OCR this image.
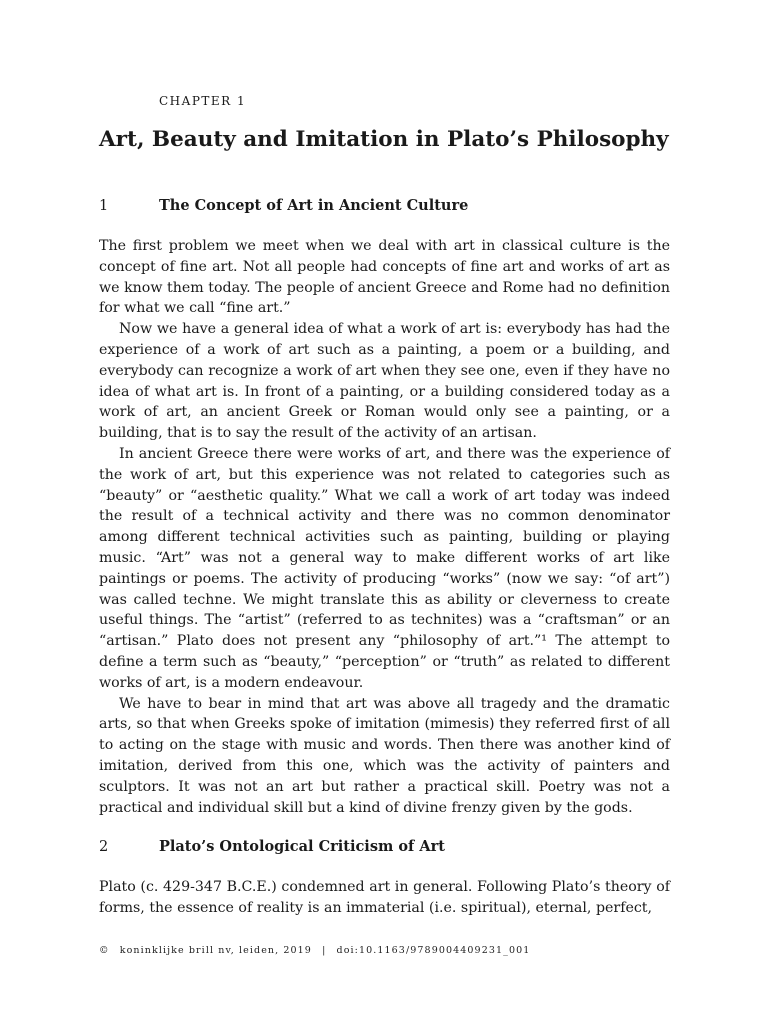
CHAPTER 1
Art, Beauty and Imitation in Plato’s Philosophy
1	The Concept of Art in Ancient Culture

The first problem we meet when we deal with art in classical culture is the concept of fine art. Not all people had concepts of fine art and works of art as we know them today. The people of ancient Greece and Rome had no definition for what we call “fine art.”

Now we have a general idea of what a work of art is: everybody has had the experience of a work of art such as a painting, a poem or a building, and everybody can recognize a work of art when they see one, even if they have no idea of what art is. In front of a painting, or a building considered today as a work of art, an ancient Greek or Roman would only see a painting, or a building, that is to say the result of the activity of an artisan.

In ancient Greece there were works of art, and there was the experience of the work of art, but this experience was not related to categories such as “beauty” or “aesthetic quality.” What we call a work of art today was indeed the result of a technical activity and there was no common denominator among different technical activities such as painting, building or playing music. “Art” was not a general way to make different works of art like paintings or poems. The activity of producing “works” (now we say: “of art”) was called techne. We might translate this as ability or cleverness to create useful things. The “artist” (referred to as technites) was a “craftsman” or an “artisan.” Plato does not present any “philosophy of art.”¹ The attempt to define a term such as “beauty,” “perception” or “truth” as related to different works of art, is a modern endeavour.

We have to bear in mind that art was above all tragedy and the dramatic arts, so that when Greeks spoke of imitation (mimesis) they referred first of all to acting on the stage with music and words. Then there was another kind of imitation, derived from this one, which was the activity of painters and sculptors. It was not an art but rather a practical skill. Poetry was not a practical and individual skill but a kind of divine frenzy given by the gods.

2	Plato’s Ontological Criticism of Art

Plato (c. 429-347 B.C.E.) condemned art in general. Following Plato’s theory of forms, the essence of reality is an immaterial (i.e. spiritual), eternal, perfect,

© koninklijke brill nv, leiden, 2019 | doi:10.1163/9789004409231_001
